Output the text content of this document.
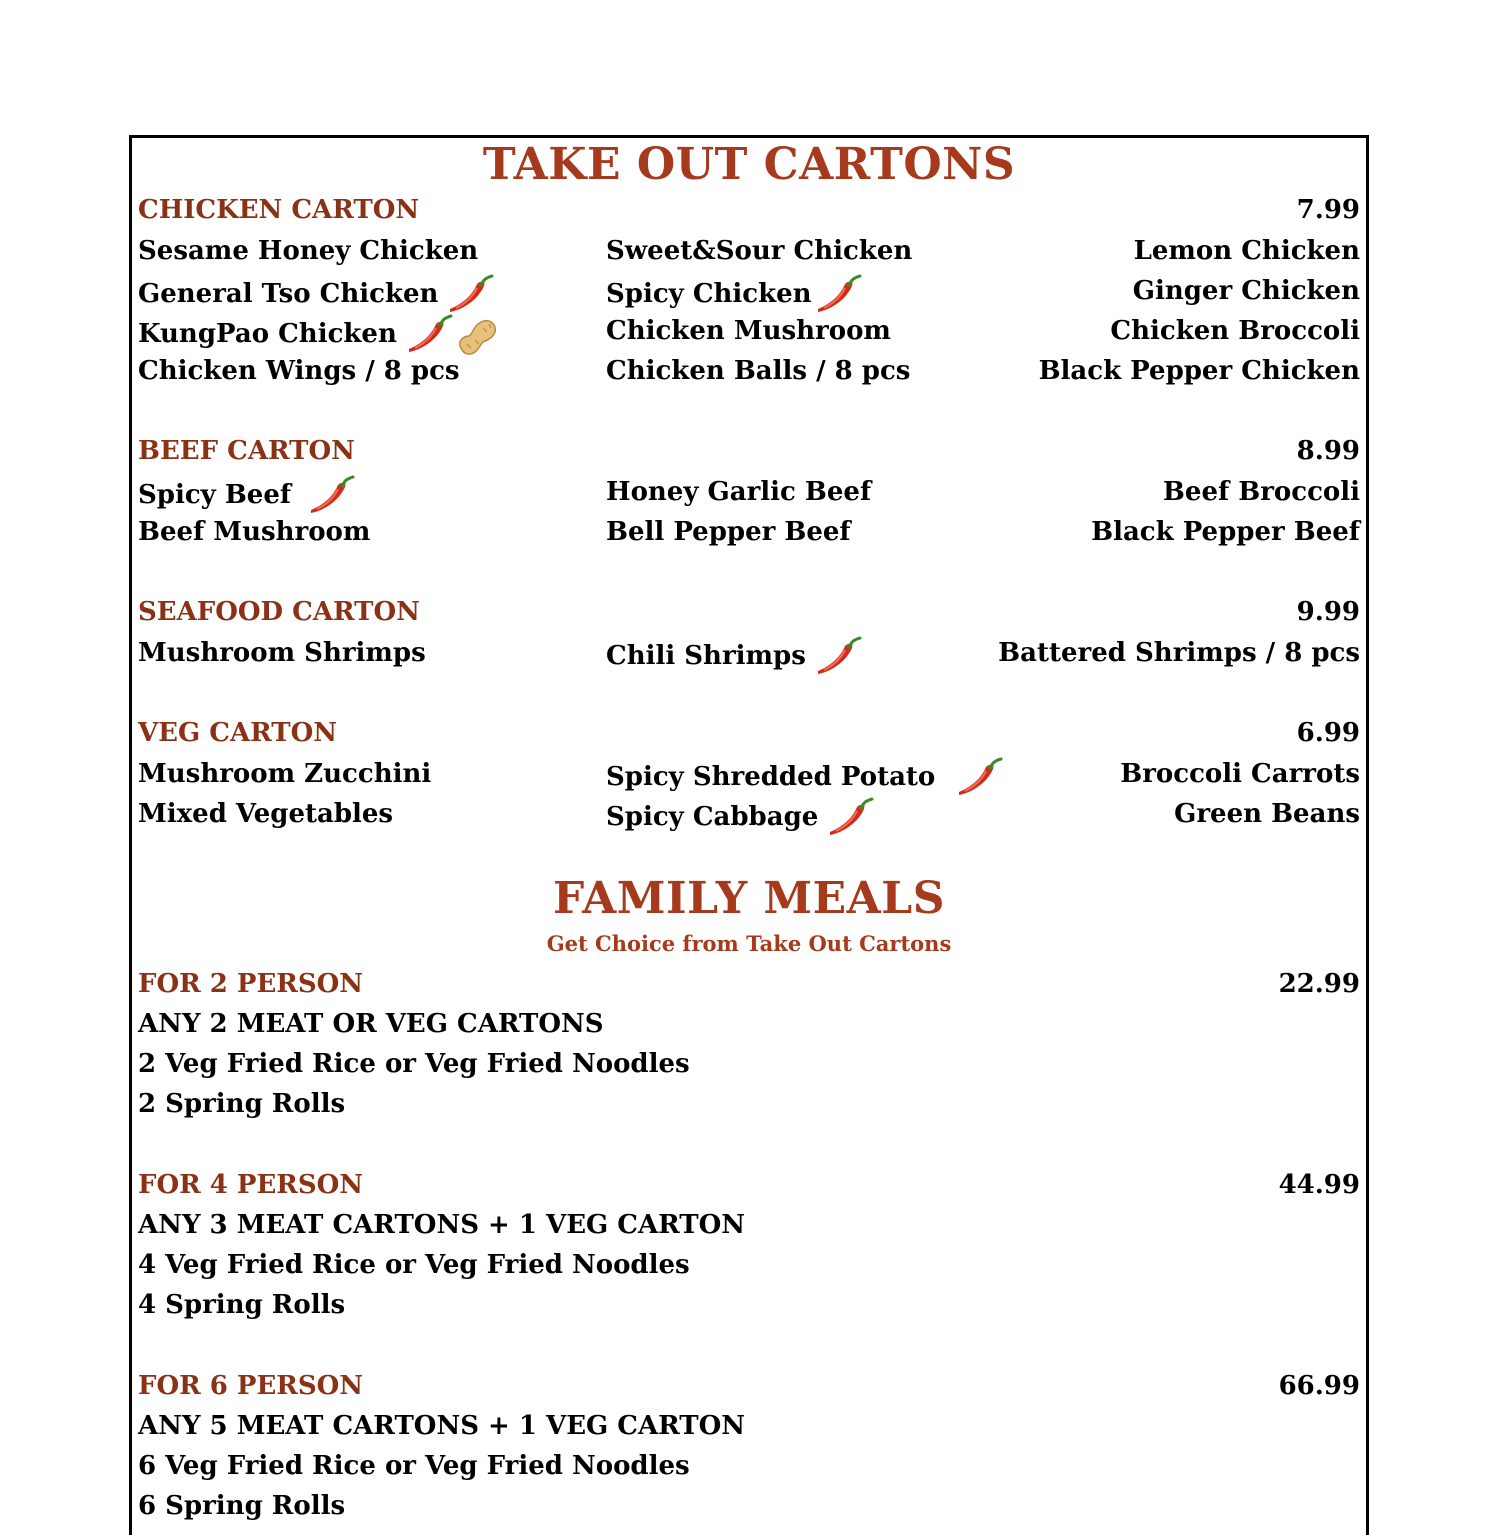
TAKE OUT CARTONS
CHICKEN CARTON	7.99
Sesame Honey Chicken	Sweet&Sour Chicken	Lemon Chicken
General Tso Chicken	Spicy Chicken	Ginger Chicken
KungPao Chicken	Chicken Mushroom	Chicken Broccoli
Chicken Wings / 8 pcs	Chicken Balls / 8 pcs	Black Pepper Chicken
BEEF CARTON	8.99
Spicy Beef	Honey Garlic Beef	Beef Broccoli
Beef Mushroom	Bell Pepper Beef	Black Pepper Beef
SEAFOOD CARTON	9.99
Mushroom Shrimps	Chili Shrimps	Battered Shrimps / 8 pcs
VEG CARTON	6.99
Mushroom Zucchini	Spicy Shredded Potato	Broccoli Carrots
Mixed Vegetables	Spicy Cabbage	Green Beans
FAMILY MEALS
Get Choice from Take Out Cartons
FOR 2 PERSON	22.99
ANY 2 MEAT OR VEG CARTONS
2 Veg Fried Rice or Veg Fried Noodles
2 Spring Rolls
FOR 4 PERSON	44.99
ANY 3 MEAT CARTONS + 1 VEG CARTON
4 Veg Fried Rice or Veg Fried Noodles
4 Spring Rolls
FOR 6 PERSON	66.99
ANY 5 MEAT CARTONS + 1 VEG CARTON
6 Veg Fried Rice or Veg Fried Noodles
6 Spring Rolls
